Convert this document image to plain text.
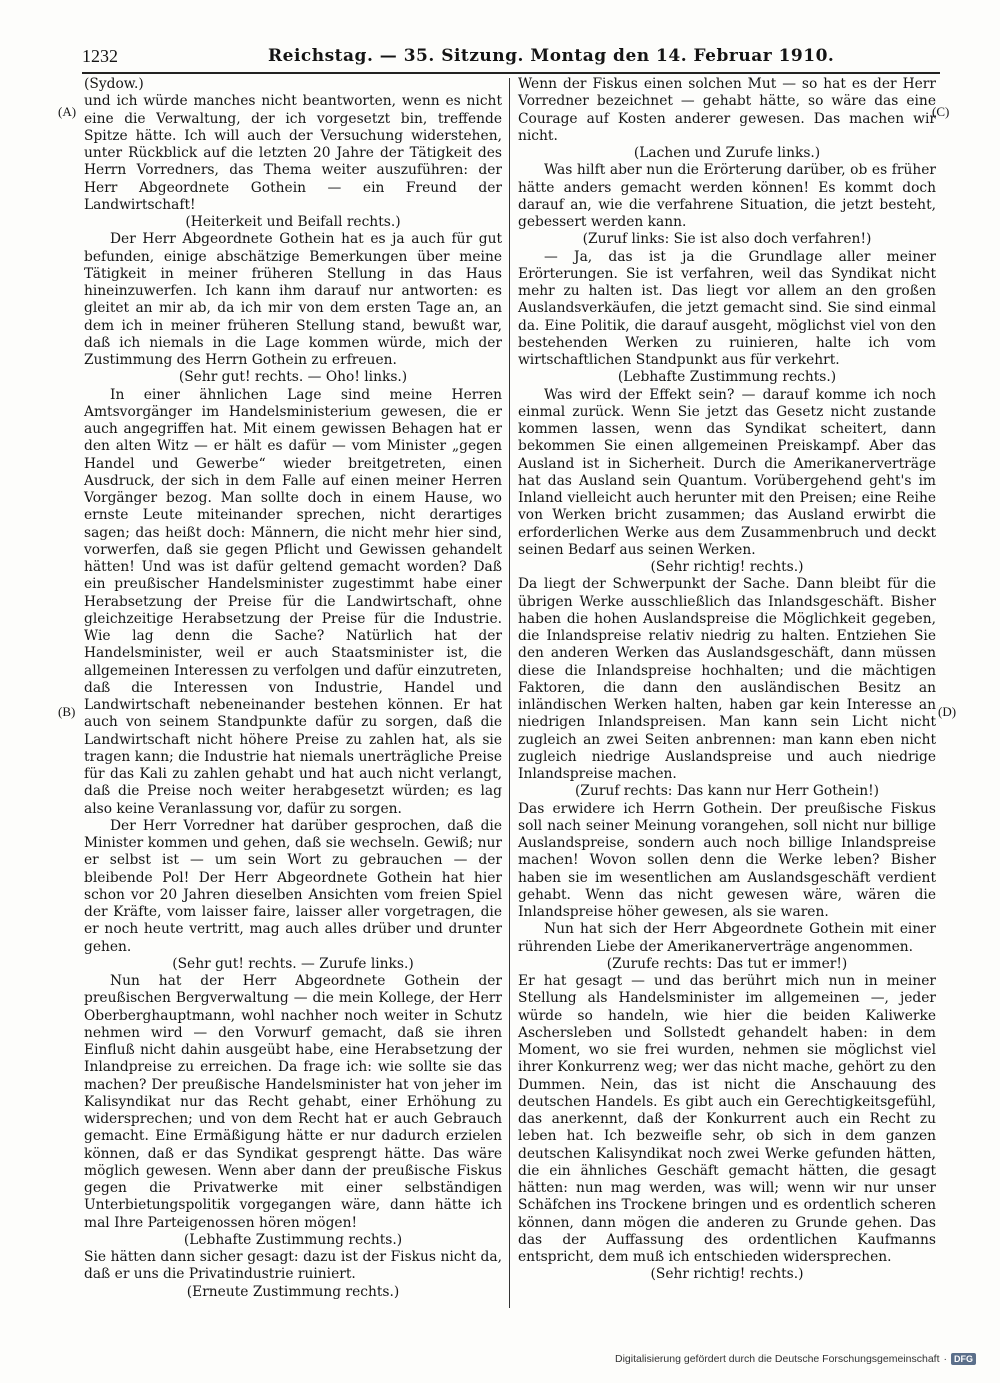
1232	Reichstag. — 35. Sitzung. Montag den 14. Februar 1910.
(A)
(B)
(C)
(D)

(Sydow.)

und ich würde manches nicht beantworten, wenn es nicht eine die Verwaltung, der ich vorgesetzt bin, treffende Spitze hätte. Ich will auch der Versuchung widerstehen, unter Rückblick auf die letzten 20 Jahre der Tätigkeit des Herrn Vorredners, das Thema weiter auszuführen: der Herr Abgeordnete Gothein — ein Freund der Landwirtschaft!

(Heiterkeit und Beifall rechts.)

Der Herr Abgeordnete Gothein hat es ja auch für gut befunden, einige abschätzige Bemerkungen über meine Tätigkeit in meiner früheren Stellung in das Haus hineinzuwerfen. Ich kann ihm darauf nur antworten: es gleitet an mir ab, da ich mir von dem ersten Tage an, an dem ich in meiner früheren Stellung stand, bewußt war, daß ich niemals in die Lage kommen würde, mich der Zustimmung des Herrn Gothein zu erfreuen.

(Sehr gut! rechts. — Oho! links.)

In einer ähnlichen Lage sind meine Herren Amtsvorgänger im Handelsministerium gewesen, die er auch angegriffen hat. Mit einem gewissen Behagen hat er den alten Witz — er hält es dafür — vom Minister „gegen Handel und Gewerbe“ wieder breitgetreten, einen Ausdruck, der sich in dem Falle auf einen meiner Herren Vorgänger bezog. Man sollte doch in einem Hause, wo ernste Leute miteinander sprechen, nicht derartiges sagen; das heißt doch: Männern, die nicht mehr hier sind, vorwerfen, daß sie gegen Pflicht und Gewissen gehandelt hätten! Und was ist dafür geltend gemacht worden? Daß ein preußischer Handelsminister zugestimmt habe einer Herabsetzung der Preise für die Landwirtschaft, ohne gleichzeitige Herabsetzung der Preise für die Industrie. Wie lag denn die Sache? Natürlich hat der Handelsminister, weil er auch Staatsminister ist, die allgemeinen Interessen zu verfolgen und dafür einzutreten, daß die Interessen von Industrie, Handel und Landwirtschaft nebeneinander bestehen können. Er hat auch von seinem Standpunkte dafür zu sorgen, daß die Landwirtschaft nicht höhere Preise zu zahlen hat, als sie tragen kann; die Industrie hat niemals unerträgliche Preise für das Kali zu zahlen gehabt und hat auch nicht verlangt, daß die Preise noch weiter herabgesetzt würden; es lag also keine Veranlassung vor, dafür zu sorgen.

Der Herr Vorredner hat darüber gesprochen, daß die Minister kommen und gehen, daß sie wechseln. Gewiß; nur er selbst ist — um sein Wort zu gebrauchen — der bleibende Pol! Der Herr Abgeordnete Gothein hat hier schon vor 20 Jahren dieselben Ansichten vom freien Spiel der Kräfte, vom laisser faire, laisser aller vorgetragen, die er noch heute vertritt, mag auch alles drüber und drunter gehen.

(Sehr gut! rechts. — Zurufe links.)

Nun hat der Herr Abgeordnete Gothein der preußischen Bergverwaltung — die mein Kollege, der Herr Oberberghauptmann, wohl nachher noch weiter in Schutz nehmen wird — den Vorwurf gemacht, daß sie ihren Einfluß nicht dahin ausgeübt habe, eine Herabsetzung der Inlandpreise zu erreichen. Da frage ich: wie sollte sie das machen? Der preußische Handelsminister hat von jeher im Kalisyndikat nur das Recht gehabt, einer Erhöhung zu widersprechen; und von dem Recht hat er auch Gebrauch gemacht. Eine Ermäßigung hätte er nur dadurch erzielen können, daß er das Syndikat gesprengt hätte. Das wäre möglich gewesen. Wenn aber dann der preußische Fiskus gegen die Privatwerke mit einer selbständigen Unterbietungspolitik vorgegangen wäre, dann hätte ich mal Ihre Parteigenossen hören mögen!

(Lebhafte Zustimmung rechts.)

Sie hätten dann sicher gesagt: dazu ist der Fiskus nicht da, daß er uns die Privatindustrie ruiniert.

(Erneute Zustimmung rechts.)

Wenn der Fiskus einen solchen Mut — so hat es der Herr Vorredner bezeichnet — gehabt hätte, so wäre das eine Courage auf Kosten anderer gewesen. Das machen wir nicht.

(Lachen und Zurufe links.)

Was hilft aber nun die Erörterung darüber, ob es früher hätte anders gemacht werden können! Es kommt doch darauf an, wie die verfahrene Situation, die jetzt besteht, gebessert werden kann.

(Zuruf links: Sie ist also doch verfahren!)

— Ja, das ist ja die Grundlage aller meiner Erörterungen. Sie ist verfahren, weil das Syndikat nicht mehr zu halten ist. Das liegt vor allem an den großen Auslandsverkäufen, die jetzt gemacht sind. Sie sind einmal da. Eine Politik, die darauf ausgeht, möglichst viel von den bestehenden Werken zu ruinieren, halte ich vom wirtschaftlichen Standpunkt aus für verkehrt.

(Lebhafte Zustimmung rechts.)

Was wird der Effekt sein? — darauf komme ich noch einmal zurück. Wenn Sie jetzt das Gesetz nicht zustande kommen lassen, wenn das Syndikat scheitert, dann bekommen Sie einen allgemeinen Preiskampf. Aber das Ausland ist in Sicherheit. Durch die Amerikanerverträge hat das Ausland sein Quantum. Vorübergehend geht's im Inland vielleicht auch herunter mit den Preisen; eine Reihe von Werken bricht zusammen; das Ausland erwirbt die erforderlichen Werke aus dem Zusammenbruch und deckt seinen Bedarf aus seinen Werken.

(Sehr richtig! rechts.)

Da liegt der Schwerpunkt der Sache. Dann bleibt für die übrigen Werke ausschließlich das Inlandsgeschäft. Bisher haben die hohen Auslandspreise die Möglichkeit gegeben, die Inlandspreise relativ niedrig zu halten. Entziehen Sie den anderen Werken das Auslandsgeschäft, dann müssen diese die Inlandspreise hochhalten; und die mächtigen Faktoren, die dann den ausländischen Besitz an inländischen Werken halten, haben gar kein Interesse an niedrigen Inlandspreisen. Man kann sein Licht nicht zugleich an zwei Seiten anbrennen: man kann eben nicht zugleich niedrige Auslandspreise und auch niedrige Inlandspreise machen.

(Zuruf rechts: Das kann nur Herr Gothein!)

Das erwidere ich Herrn Gothein. Der preußische Fiskus soll nach seiner Meinung vorangehen, soll nicht nur billige Auslandspreise, sondern auch noch billige Inlandspreise machen! Wovon sollen denn die Werke leben? Bisher haben sie im wesentlichen am Auslandsgeschäft verdient gehabt. Wenn das nicht gewesen wäre, wären die Inlandspreise höher gewesen, als sie waren.

Nun hat sich der Herr Abgeordnete Gothein mit einer rührenden Liebe der Amerikanerverträge angenommen.

(Zurufe rechts: Das tut er immer!)

Er hat gesagt — und das berührt mich nun in meiner Stellung als Handelsminister im allgemeinen —, jeder würde so handeln, wie hier die beiden Kaliwerke Aschersleben und Sollstedt gehandelt haben: in dem Moment, wo sie frei wurden, nehmen sie möglichst viel ihrer Konkurrenz weg; wer das nicht mache, gehört zu den Dummen. Nein, das ist nicht die Anschauung des deutschen Handels. Es gibt auch ein Gerechtigkeitsgefühl, das anerkennt, daß der Konkurrent auch ein Recht zu leben hat. Ich bezweifle sehr, ob sich in dem ganzen deutschen Kalisyndikat noch zwei Werke gefunden hätten, die ein ähnliches Geschäft gemacht hätten, die gesagt hätten: nun mag werden, was will; wenn wir nur unser Schäfchen ins Trockene bringen und es ordentlich scheren können, dann mögen die anderen zu Grunde gehen. Das das der Auffassung des ordentlichen Kaufmanns entspricht, dem muß ich entschieden widersprechen.

(Sehr richtig! rechts.)

Digitalisierung gefördert durch die Deutsche Forschungsgemeinschaft · DFG
